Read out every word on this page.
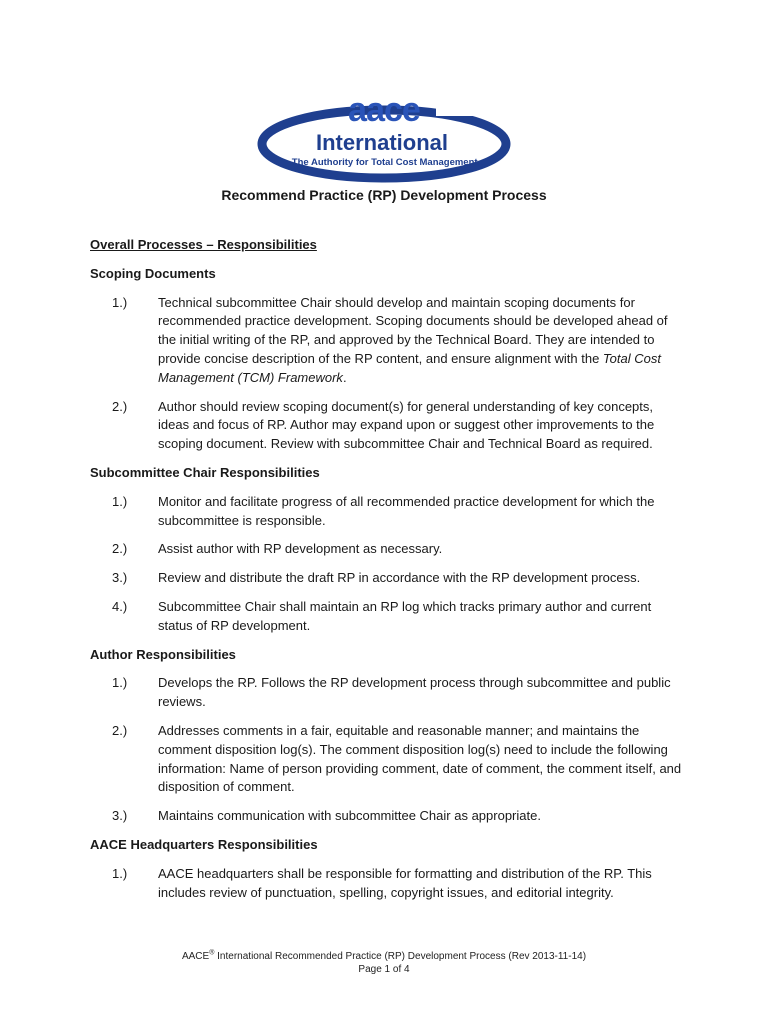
aace
International
The Authority for Total Cost Management.
Recommend Practice (RP) Development Process
Overall Processes – Responsibilities
Scoping Documents
1.)	Technical subcommittee Chair should develop and maintain scoping documents for recommended practice development. Scoping documents should be developed ahead of the initial writing of the RP, and approved by the Technical Board. They are intended to provide concise description of the RP content, and ensure alignment with the Total Cost Management (TCM) Framework.
2.)	Author should review scoping document(s) for general understanding of key concepts, ideas and focus of RP. Author may expand upon or suggest other improvements to the scoping document. Review with subcommittee Chair and Technical Board as required.
Subcommittee Chair Responsibilities
1.)	Monitor and facilitate progress of all recommended practice development for which the subcommittee is responsible.
2.)	Assist author with RP development as necessary.
3.)	Review and distribute the draft RP in accordance with the RP development process.
4.)	Subcommittee Chair shall maintain an RP log which tracks primary author and current status of RP development.
Author Responsibilities
1.)	Develops the RP. Follows the RP development process through subcommittee and public reviews.
2.)	Addresses comments in a fair, equitable and reasonable manner; and maintains the comment disposition log(s). The comment disposition log(s) need to include the following information: Name of person providing comment, date of comment, the comment itself, and disposition of comment.
3.)	Maintains communication with subcommittee Chair as appropriate.
AACE Headquarters Responsibilities
1.)	AACE headquarters shall be responsible for formatting and distribution of the RP. This includes review of punctuation, spelling, copyright issues, and editorial integrity.
AACE® International Recommended Practice (RP) Development Process (Rev 2013-11-14)
Page 1 of 4
